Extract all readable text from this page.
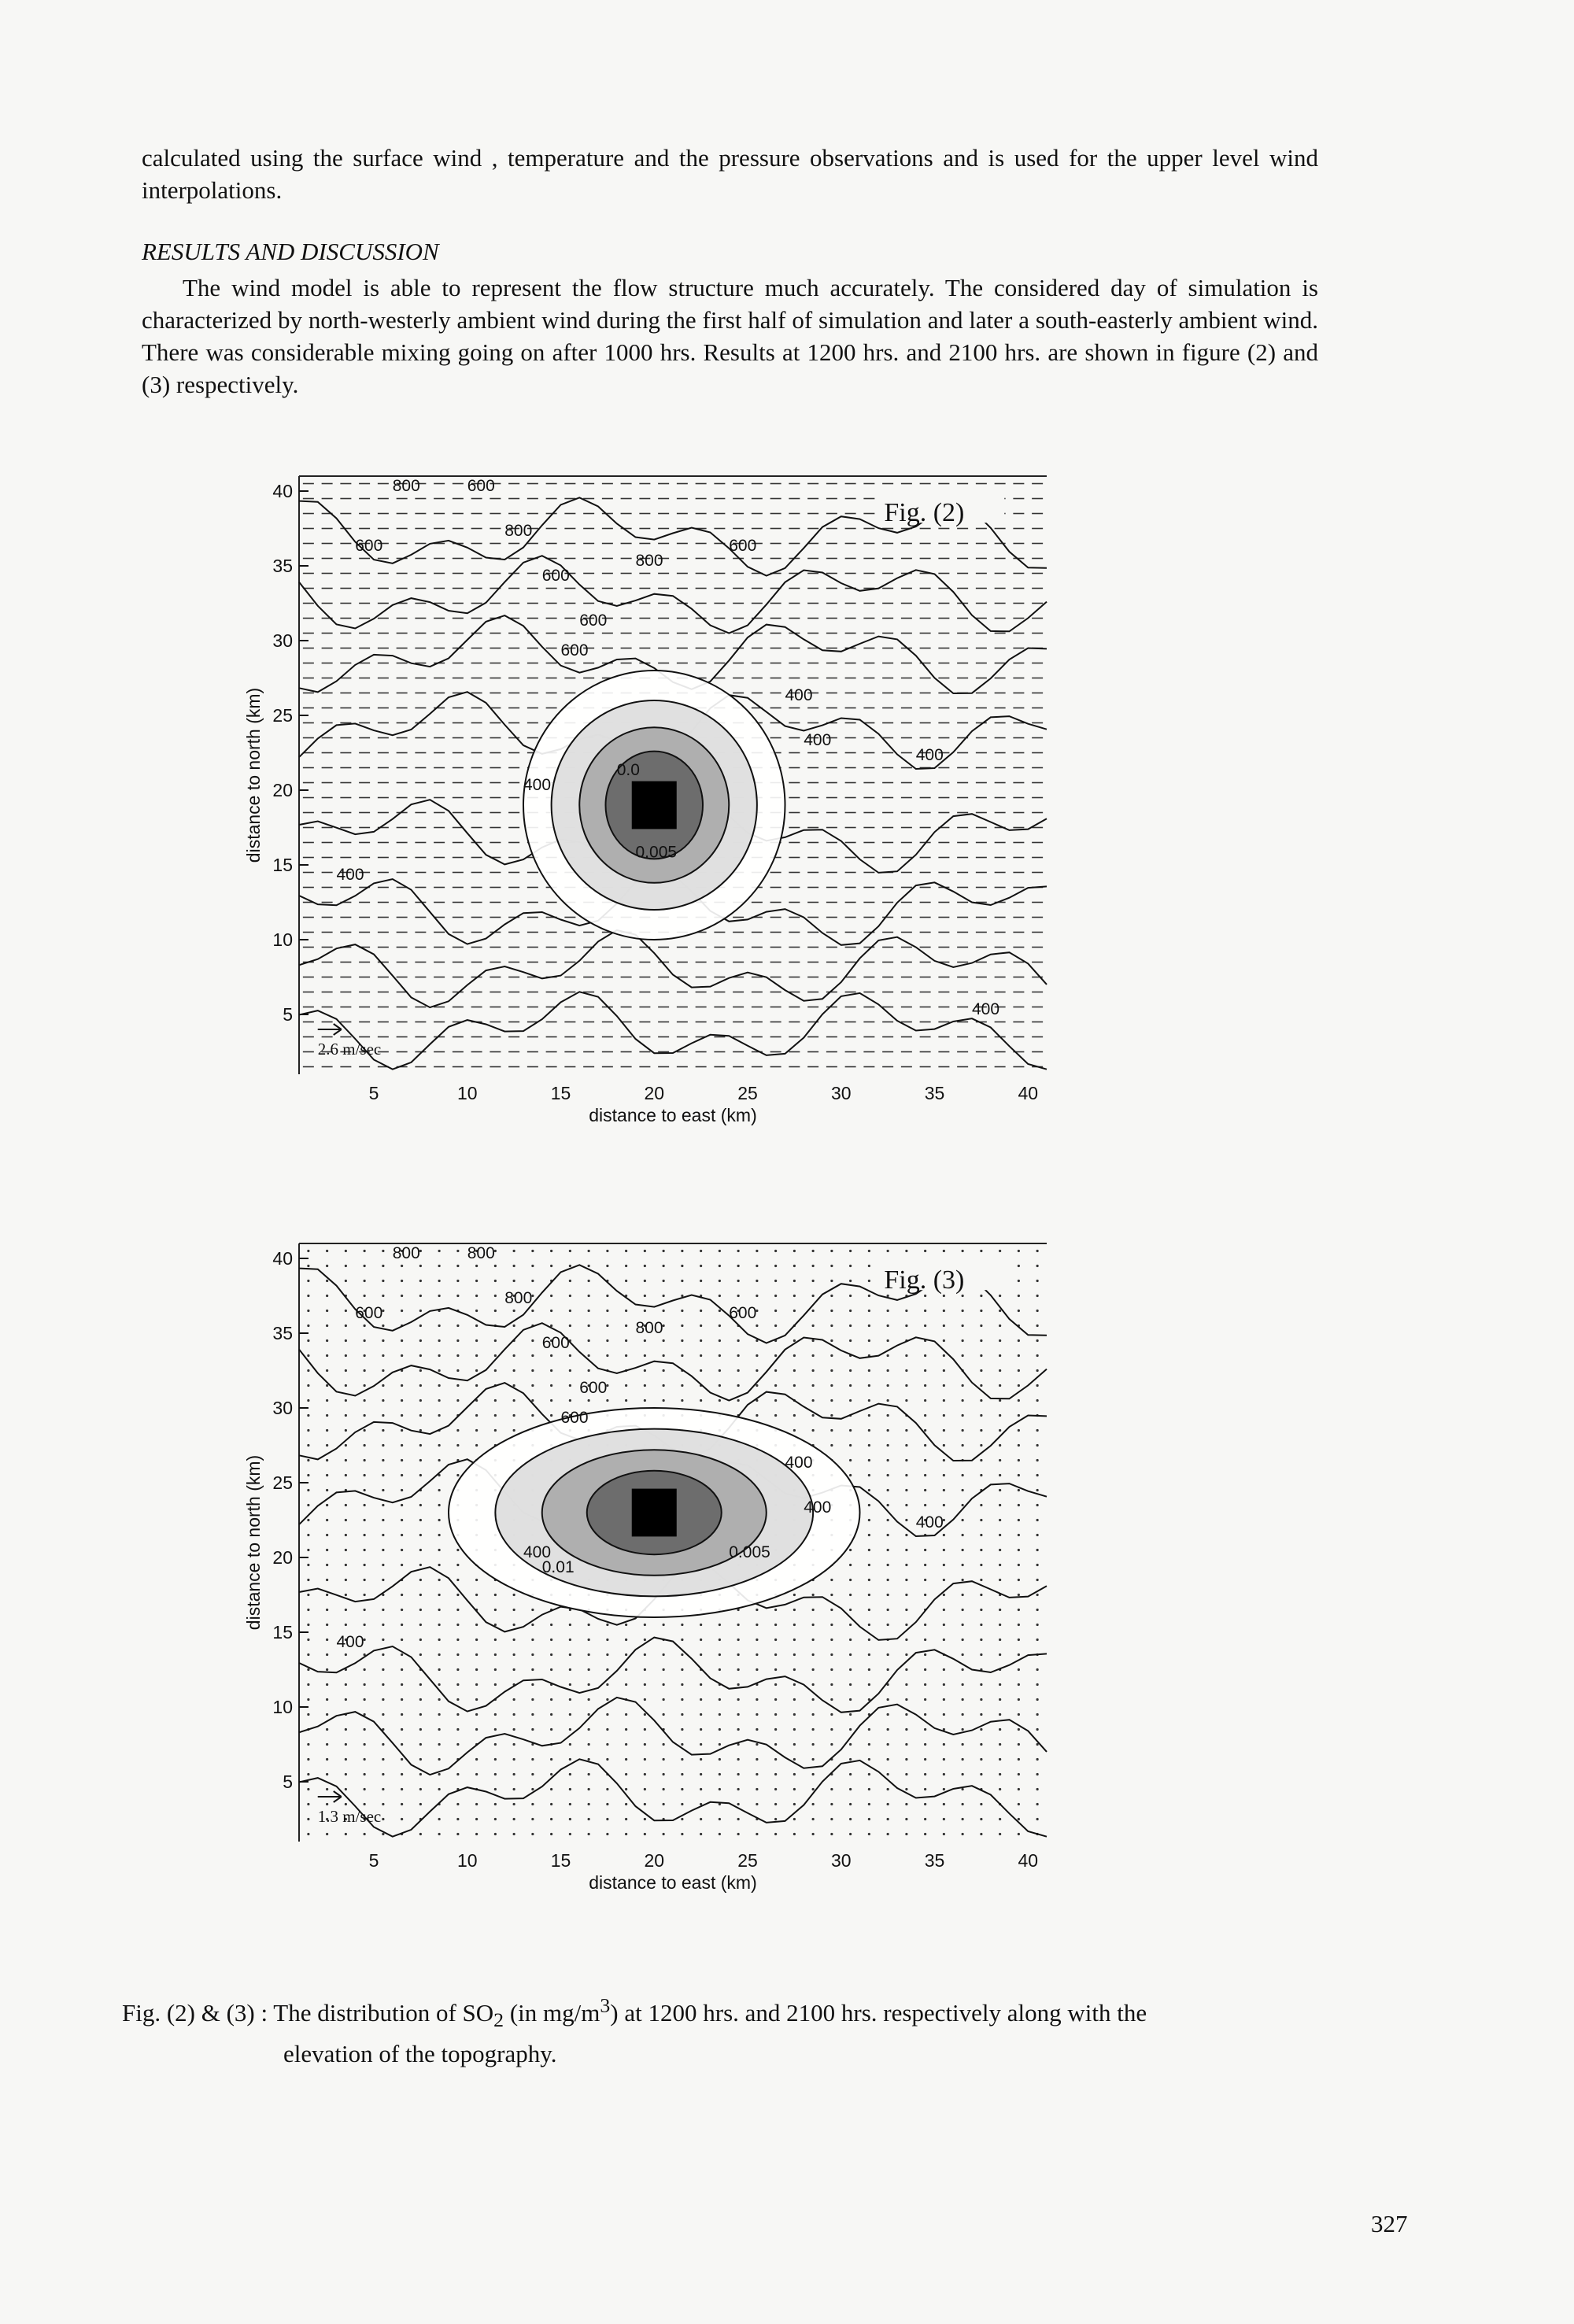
calculated using the surface wind , temperature and the pressure observations and is used for the upper level wind interpolations.

RESULTS AND DISCUSSION

The wind model is able to represent the flow structure much accurately. The considered day of simulation is characterized by north-westerly ambient wind during the first half of simulation and later a south-easterly ambient wind. There was considerable mixing going on after 1000 hrs. Results at 1200 hrs. and 2100 hrs. are shown in figure (2) and (3) respectively.

800	600
600
800
600
800
600
600
600
400
400
400
400
400
400
0.0
0.005
Fig. (2)
2.6 m/sec
5
10
15
20
25
30
35
40
5	10	15	20	25	30	35	40
distance to east (km)
distance to north (km)
800	800
600
800
600
800
600
600
600
400
400
400
400
400
0.01
0.005
Fig. (3)
1.3 m/sec
5
10
15
20
25
30
35
40
5	10	15	20	25	30	35	40
distance to east (km)
distance to north (km)
Fig. (2) & (3) : The distribution of $SO_2$ (in $mg/m^3$) at 1200 hrs. and 2100 hrs. respectively along with the
elevation of the topography.
327
